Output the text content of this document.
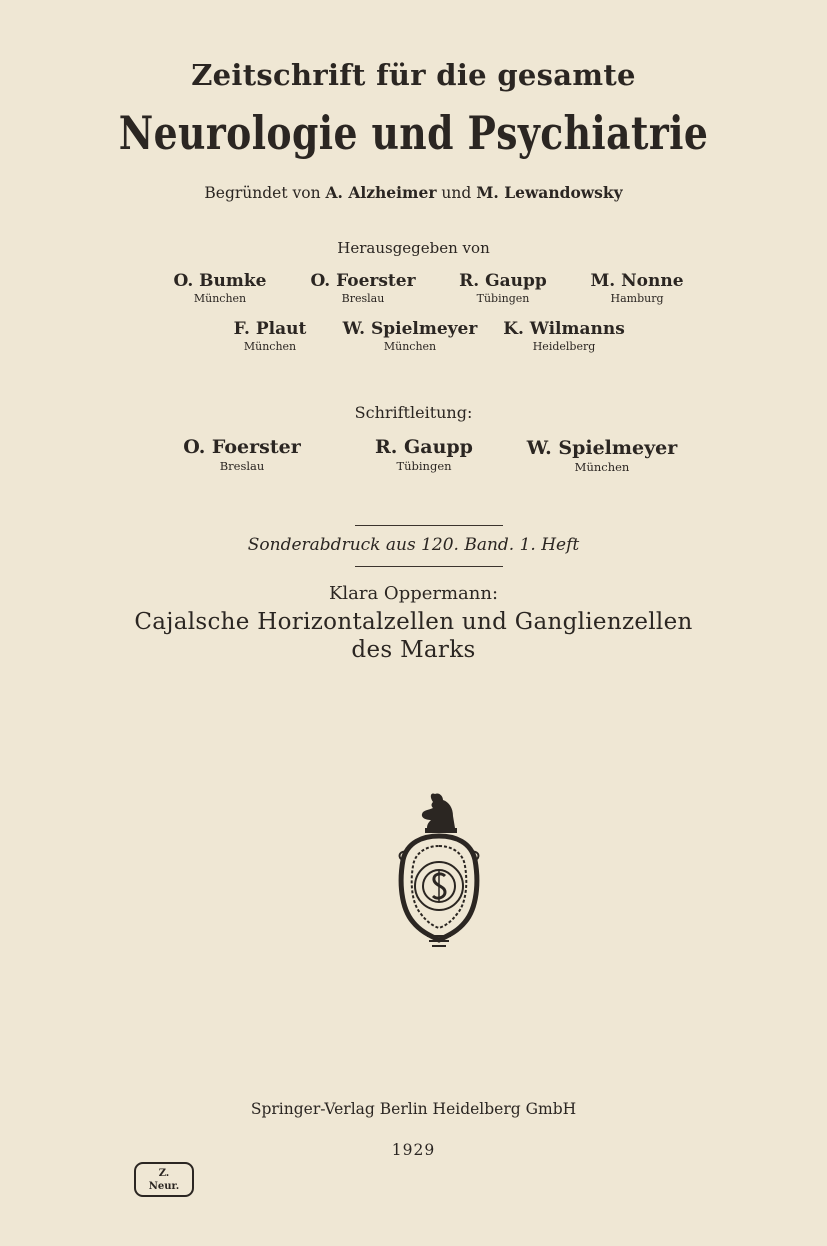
Zeitschrift für die gesamte
Neurologie und Psychiatrie
Begründet von A. Alzheimer und M. Lewandowsky
Herausgegeben von
O. Bumke
München
O. Foerster
Breslau
R. Gaupp
Tübingen
M. Nonne
Hamburg
F. Plaut
München
W. Spielmeyer
München
K. Wilmanns
Heidelberg
Schriftleitung:
O. Foerster
Breslau
R. Gaupp
Tübingen
W. Spielmeyer
München
Sonderabdruck aus 120. Band. 1. Heft
Klara Oppermann:
Cajalsche Horizontalzellen und Ganglienzellen
des Marks
Springer-Verlag Berlin Heidelberg GmbH
1929
Z.
Neur.
